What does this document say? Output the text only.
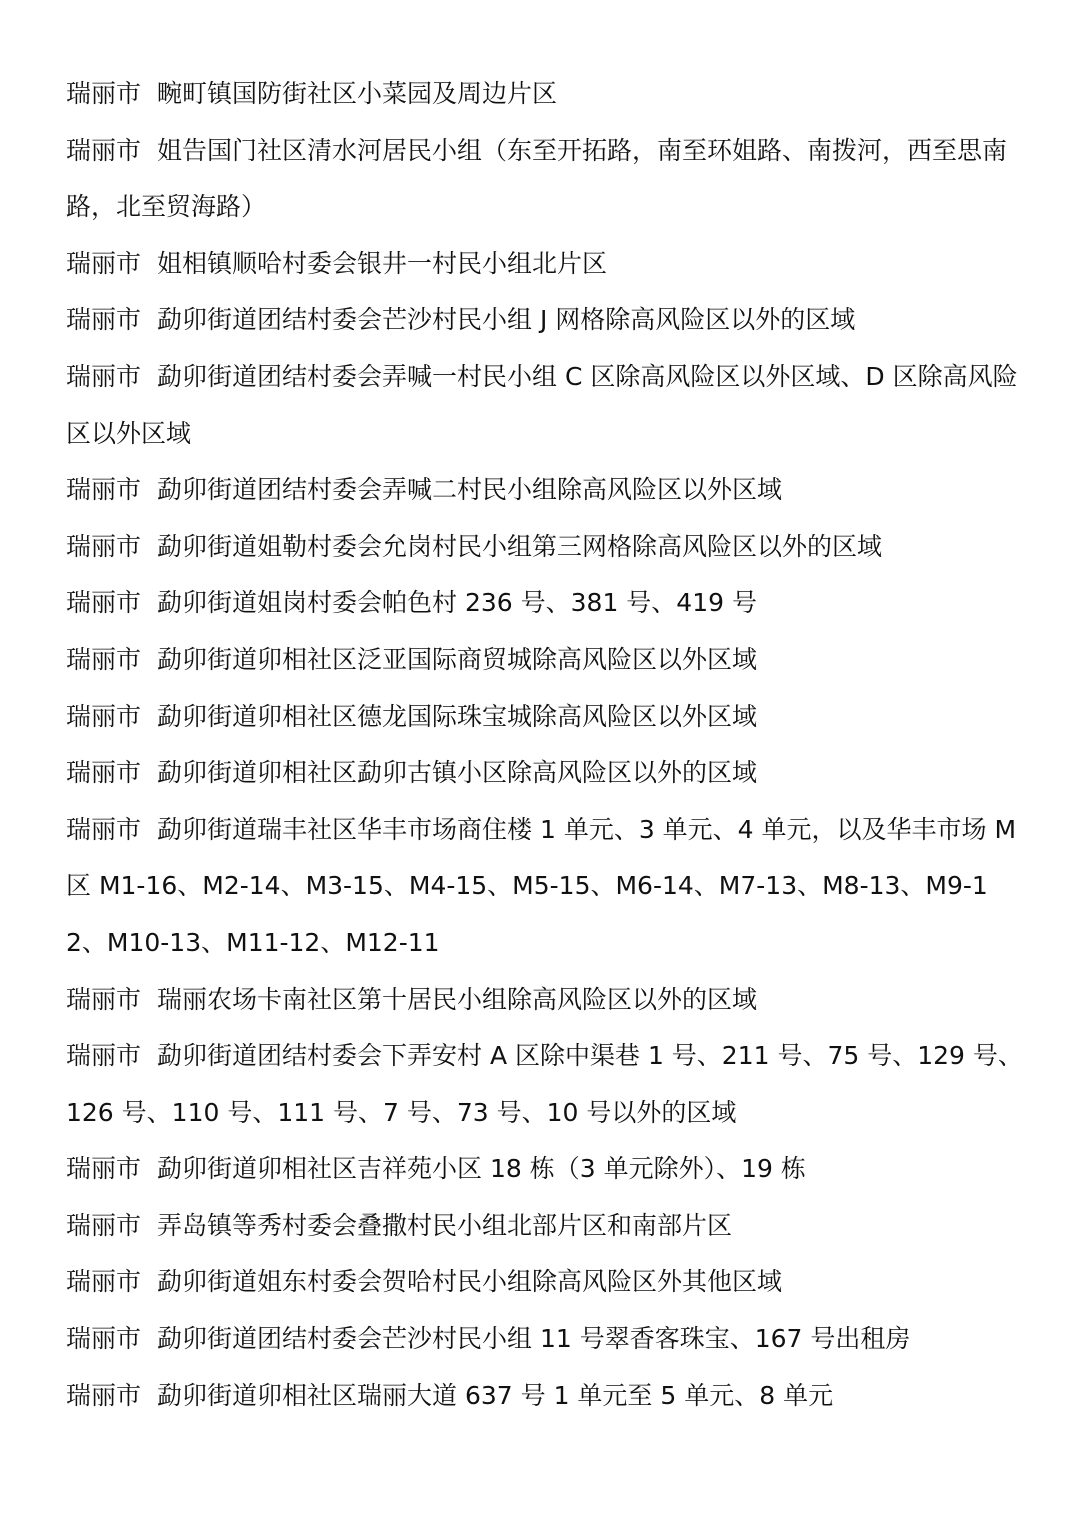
瑞丽市 畹町镇国防街社区小菜园及周边片区

瑞丽市 姐告国门社区清水河居民小组（东至开拓路，南至环姐路、南拨河，西至思南路，北至贸海路）

瑞丽市 姐相镇顺哈村委会银井一村民小组北片区

瑞丽市 勐卯街道团结村委会芒沙村民小组 J 网格除高风险区以外的区域

瑞丽市 勐卯街道团结村委会弄喊一村民小组 C 区除高风险区以外区域、D 区除高风险区以外区域

瑞丽市 勐卯街道团结村委会弄喊二村民小组除高风险区以外区域

瑞丽市 勐卯街道姐勒村委会允岗村民小组第三网格除高风险区以外的区域

瑞丽市 勐卯街道姐岗村委会帕色村 236 号、381 号、419 号

瑞丽市 勐卯街道卯相社区泛亚国际商贸城除高风险区以外区域

瑞丽市 勐卯街道卯相社区德龙国际珠宝城除高风险区以外区域

瑞丽市 勐卯街道卯相社区勐卯古镇小区除高风险区以外的区域

瑞丽市 勐卯街道瑞丰社区华丰市场商住楼 1 单元、3 单元、4 单元，以及华丰市场 M 区 M1-16、M2-14、M3-15、M4-15、M5-15、M6-14、M7-13、M8-13、M9-12、M10-13、M11-12、M12-11

瑞丽市 瑞丽农场卡南社区第十居民小组除高风险区以外的区域

瑞丽市 勐卯街道团结村委会下弄安村 A 区除中渠巷 1 号、211 号、75 号、129 号、126 号、110 号、111 号、7 号、73 号、10 号以外的区域

瑞丽市 勐卯街道卯相社区吉祥苑小区 18 栋（3 单元除外）、19 栋

瑞丽市 弄岛镇等秀村委会叠撒村民小组北部片区和南部片区

瑞丽市 勐卯街道姐东村委会贺哈村民小组除高风险区外其他区域

瑞丽市 勐卯街道团结村委会芒沙村民小组 11 号翠香客珠宝、167 号出租房

瑞丽市 勐卯街道卯相社区瑞丽大道 637 号 1 单元至 5 单元、8 单元
